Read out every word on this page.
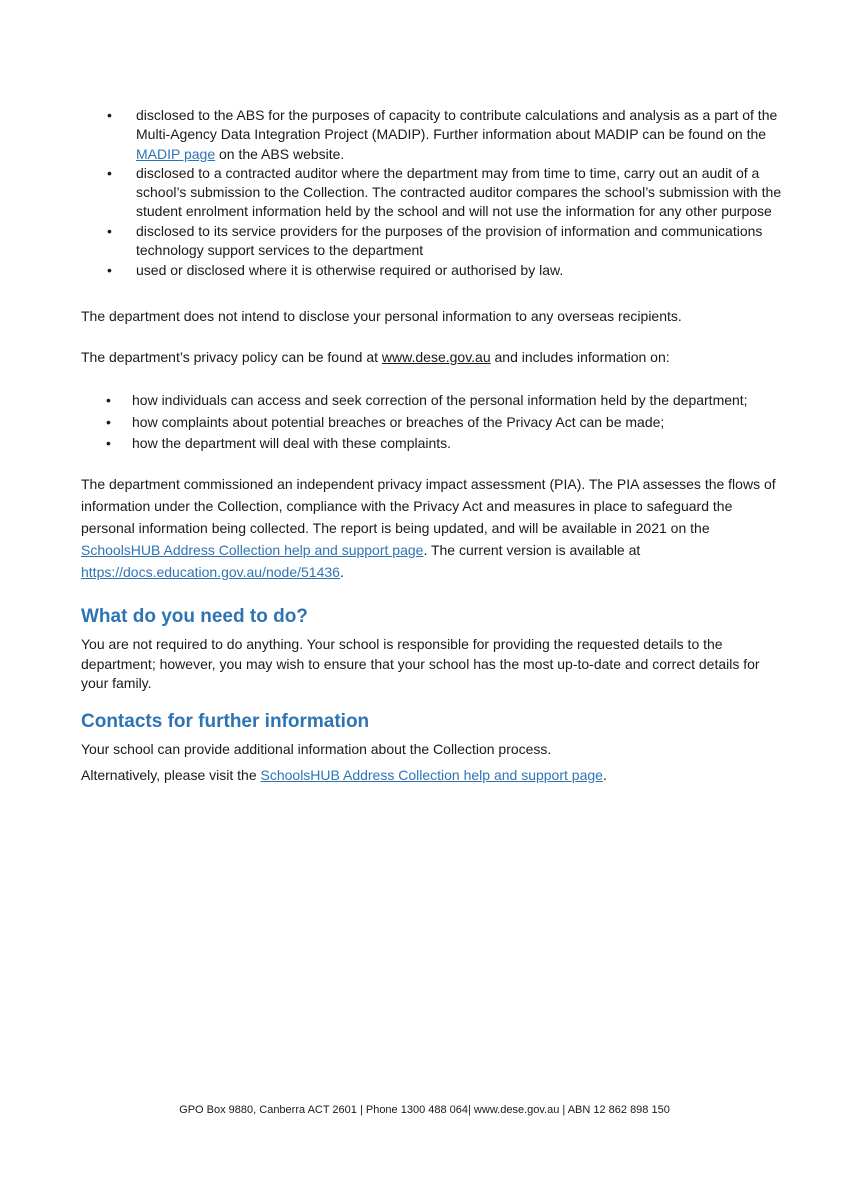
• disclosed to the ABS for the purposes of capacity to contribute calculations and analysis as a part of the Multi-Agency Data Integration Project (MADIP). Further information about MADIP can be found on the MADIP page on the ABS website.
• disclosed to a contracted auditor where the department may from time to time, carry out an audit of a school’s submission to the Collection. The contracted auditor compares the school’s submission with the student enrolment information held by the school and will not use the information for any other purpose
• disclosed to its service providers for the purposes of the provision of information and communications technology support services to the department
• used or disclosed where it is otherwise required or authorised by law.

The department does not intend to disclose your personal information to any overseas recipients.

The department’s privacy policy can be found at www.dese.gov.au and includes information on:

• how individuals can access and seek correction of the personal information held by the department;
• how complaints about potential breaches or breaches of the Privacy Act can be made;
• how the department will deal with these complaints.

The department commissioned an independent privacy impact assessment (PIA). The PIA assesses the flows of information under the Collection, compliance with the Privacy Act and measures in place to safeguard the personal information being collected. The report is being updated, and will be available in 2021 on the SchoolsHUB Address Collection help and support page. The current version is available at https://docs.education.gov.au/node/51436.

What do you need to do?

You are not required to do anything. Your school is responsible for providing the requested details to the department; however, you may wish to ensure that your school has the most up-to-date and correct details for your family.

Contacts for further information

Your school can provide additional information about the Collection process.

Alternatively, please visit the SchoolsHUB Address Collection help and support page.

GPO Box 9880, Canberra ACT 2601 | Phone 1300 488 064| www.dese.gov.au | ABN 12 862 898 150
